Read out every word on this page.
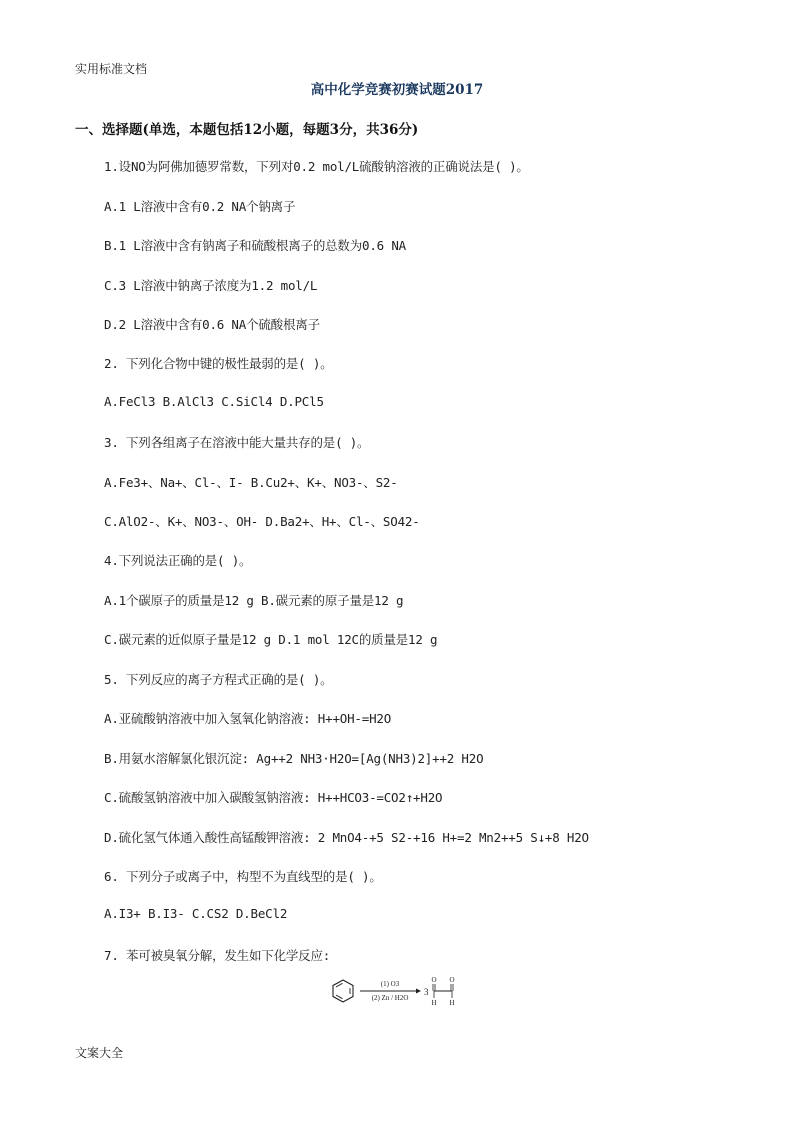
实用标准文档
高中化学竞赛初赛试题2017
一、选择题(单选，本题包括12小题，每题3分，共36分)
1.设NO为阿佛加德罗常数，下列对0.2 mol/L硫酸钠溶液的正确说法是( )。
A.1 L溶液中含有0.2 NA个钠离子
B.1 L溶液中含有钠离子和硫酸根离子的总数为0.6 NA
C.3 L溶液中钠离子浓度为1.2 mol/L
D.2 L溶液中含有0.6 NA个硫酸根离子
2. 下列化合物中键的极性最弱的是( )。
A.FeCl3 B.AlCl3 C.SiCl4 D.PCl5
3. 下列各组离子在溶液中能大量共存的是( )。
A.Fe3+、Na+、Cl-、I- B.Cu2+、K+、NO3-、S2-
C.AlO2-、K+、NO3-、OH- D.Ba2+、H+、Cl-、SO42-
4.下列说法正确的是( )。
A.1个碳原子的质量是12 g B.碳元素的原子量是12 g
C.碳元素的近似原子量是12 g D.1 mol 12C的质量是12 g
5. 下列反应的离子方程式正确的是( )。
A.亚硫酸钠溶液中加入氢氧化钠溶液: H++OH-=H2O
B.用氨水溶解氯化银沉淀: Ag++2 NH3·H2O=[Ag(NH3)2]++2 H2O
C.硫酸氢钠溶液中加入碳酸氢钠溶液: H++HCO3-=CO2↑+H2O
D.硫化氢气体通入酸性高锰酸钾溶液: 2 MnO4-+5 S2-+16 H+=2 Mn2++5 S↓+8 H2O
6. 下列分子或离子中，构型不为直线型的是( )。
A.I3+ B.I3- C.CS2 D.BeCl2
7. 苯可被臭氧分解，发生如下化学反应:
(1) O3
(2) Zn / H2O
3
O O
H H
文案大全
